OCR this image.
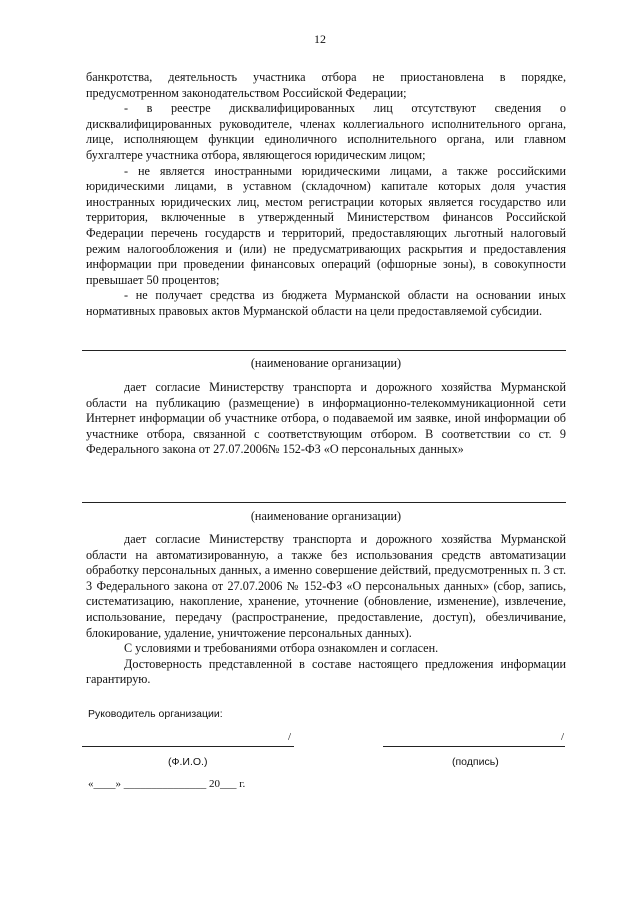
12

банкротства, деятельность участника отбора не приостановлена в порядке, предусмотренном законодательством Российской Федерации;

- в реестре дисквалифицированных лиц отсутствуют сведения о дисквалифицированных руководителе, членах коллегиального исполнительного органа, лице, исполняющем функции единоличного исполнительного органа, или главном бухгалтере участника отбора, являющегося юридическим лицом;

- не является иностранными юридическими лицами, а также российскими юридическими лицами, в уставном (складочном) капитале которых доля участия иностранных юридических лиц, местом регистрации которых является государство или территория, включенные в утвержденный Министерством финансов Российской Федерации перечень государств и территорий, предоставляющих льготный налоговый режим налогообложения и (или) не предусматривающих раскрытия и предоставления информации при проведении финансовых операций (офшорные зоны), в совокупности превышает 50 процентов;

- не получает средства из бюджета Мурманской области на основании иных нормативных правовых актов Мурманской области на цели предоставляемой субсидии.

(наименование организации)

дает согласие Министерству транспорта и дорожного хозяйства Мурманской области на публикацию (размещение) в информационно-телекоммуникационной сети Интернет информации об участнике отбора, о подаваемой им заявке, иной информации об участнике отбора, связанной с соответствующим отбором. В соответствии со ст. 9 Федерального закона от 27.07.2006№ 152-ФЗ «О персональных данных»

(наименование организации)

дает согласие Министерству транспорта и дорожного хозяйства Мурманской области на автоматизированную, а также без использования средств автоматизации обработку персональных данных, а именно совершение действий, предусмотренных п. 3 ст. 3 Федерального закона от 27.07.2006 № 152-ФЗ «О персональных данных» (сбор, запись, систематизацию, накопление, хранение, уточнение (обновление, изменение), извлечение, использование, передачу (распространение, предоставление, доступ), обезличивание, блокирование, удаление, уничтожение персональных данных).

С условиями и требованиями отбора ознакомлен и согласен.

Достоверность представленной в составе настоящего предложения информации гарантирую.

Руководитель организации:
/
(Ф.И.О.)
/
(подпись)
«____» _______________ 20___ г.
